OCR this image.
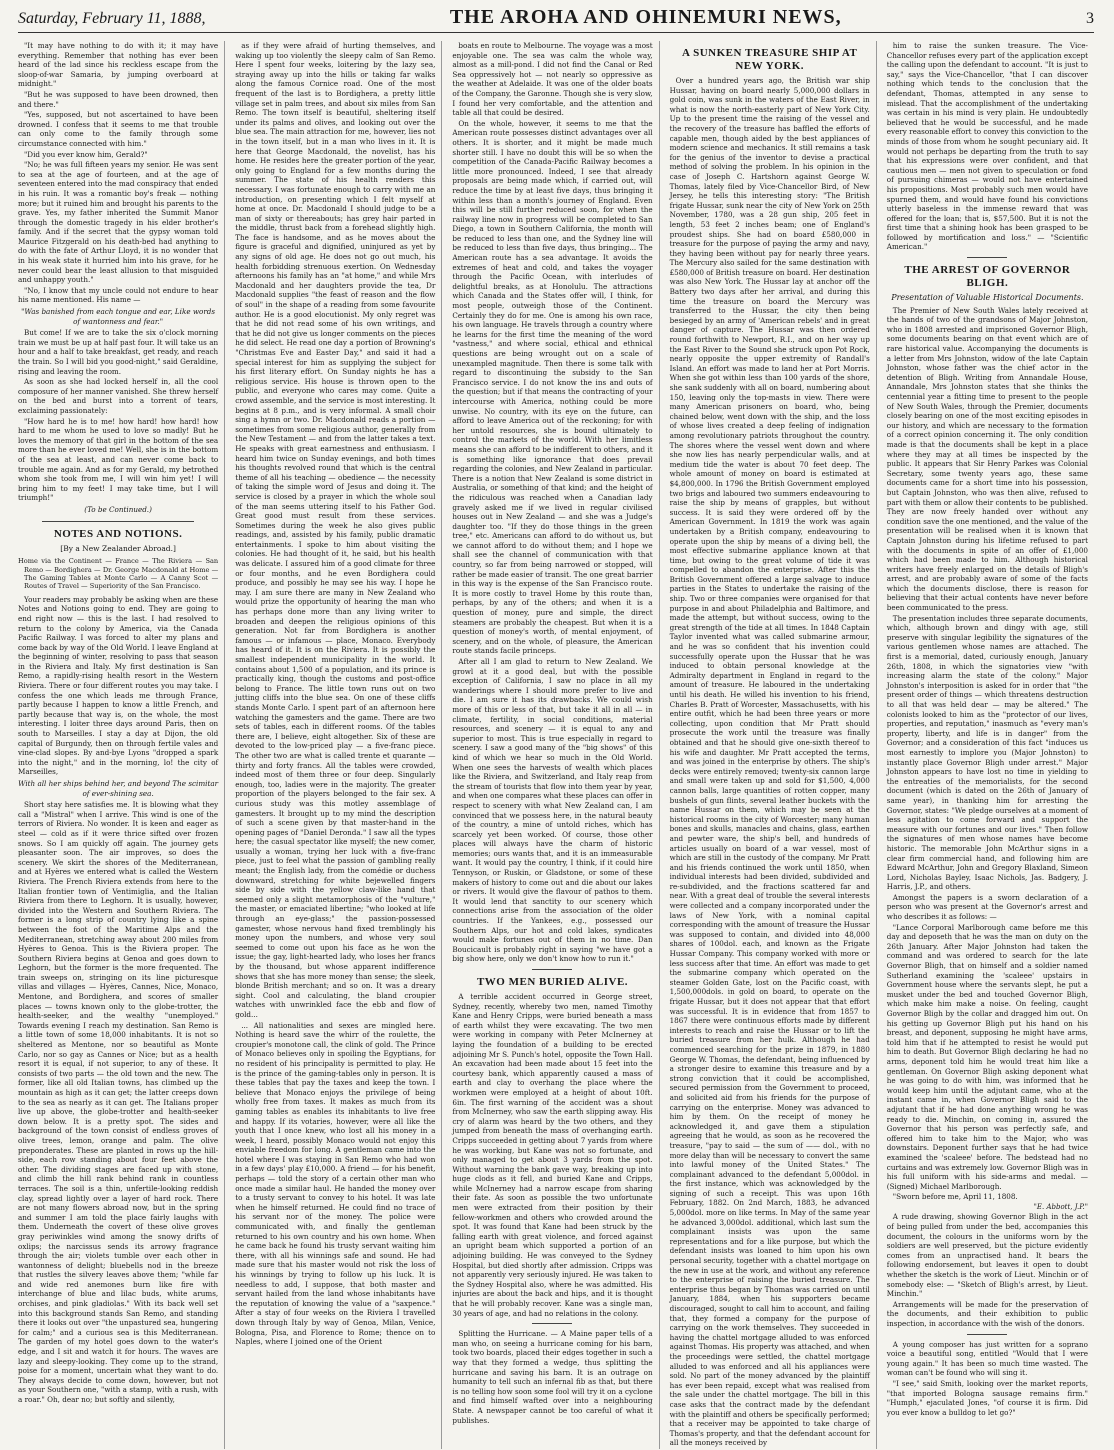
Saturday, February 11, 1888,	THE AROHA AND OHINEMURI NEWS,	3

"It may have nothing to do with it; it may have everything. Remember that nothing has ever been heard of the lad since his reckless escape from the sloop-of-war Samaria, by jumping overboard at midnight."

"But he was supposed to have been drowned, then and there."

"Yes, supposed, but not ascertained to have been drowned. I confess that it seems to me that trouble can only come to the family through some circumstance connected with him."

"Did you ever know him, Gerald?"

"No; he was full fifteen years my senior. He was sent to sea at the age of fourteen, and at the age of seventeen entered into the mad conspiracy that ended in his ruin. It was a romantic boy's freak — nothing more; but it ruined him and brought his parents to the grave. Yes, my father inherited the Summit Manor through the domestic tragedy in his elder brother's family. And if the secret that the gypsy woman told Maurice Fitzgerald on his death-bed had anything to do with the fate of Arthur Lloyd, it is no wonder that in his weak state it hurried him into his grave, for he never could bear the least allusion to that misguided and unhappy youth."

"No, I know that my uncle could not endure to hear his name mentioned. His name —

"Was banished from each tongue and ear, Like words of wantonness and fear."

But come! If we are to take the six o'clock morning train we must be up at half past four. It will take us an hour and a half to take breakfast, get ready, and reach the train. So I will bid you good-night," said Geraldine, rising and leaving the room.

As soon as she had locked herself in, all the cool composure of her manner vanished. She threw herself on the bed and burst into a torrent of tears, exclaiming passionately:

"How hard he is to me! how hard! how hard! how hard to me whom he used to love so madly! But he loves the memory of that girl in the bottom of the sea more than he ever loved me! Well, she is in the bottom of the sea at least, and can never come back to trouble me again. And as for my Gerald, my betrothed whom she took from me, I will win him yet! I will bring him to my feet! I may take time, but I will triumph!"

(To be Continued.)

NOTES AND NOTIONS.
[By a New Zealander Abroad.]
Home via the Continent — France — The Riviera — San Remo — Bordighera — Dr. George Macdonald at Home — The Gaming Tables at Monte Carlo — A Canny Scot — Routes of Travel — Superiority of the San Francisco.

Your readers may probably be asking when are these Notes and Notions going to end. They are going to end right now — this is the last. I had resolved to return to the colony by America, via the Canada Pacific Railway. I was forced to alter my plans and come back by way of the Old World. I leave England at the beginning of winter, resolving to pass that season in the Riviera and Italy. My first destination is San Remo, a rapidly-rising health resort in the Western Riviera. There or four different routes you may take. I confess the one which leads me through France, partly because I happen to know a little French, and partly because that way is, on the whole, the most interesting. I loiter three days around Paris, then on south to Marseilles. I stay a day at Dijon, the old capital of Burgundy, then on through fertile vales and vine-clad slopes. By and-bye Lyons "dropped a spark into the night," and in the morning, lo! the city of Marseilles,

With all her ships behind her, and beyond The scimitar of ever-shining sea.

Short stay here satisfies me. It is blowing what they call a "Mistral" when I arrive. This wind is one of the terrors of Riviera. No wonder. It is keen and eager as steel — cold as if it were thrice sifted over frozen snows. So I am quickly off again. The journey gets pleasanter soon. The air improves, so does the scenery. We skirt the shores of the Mediterranean, and at Hyères we entered what is called the Western Riviera. The French Riviera extends from here to the Italian frontier town of Ventimiglia, and the Italian Riviera from there to Leghorn. It is usually, however, divided into the Western and Southern Riviera. The former is a long strip of country lying like a spine between the foot of the Maritime Alps and the Mediterranean, stretching away about 200 miles from Hyères to Genoa. This is the Riviera proper. The Southern Riviera begins at Genoa and goes down to Leghorn, but the former is the more frequented. The train sweeps on, stringing on its line picturesque villas and villages — Hyères, Cannes, Nice, Monaco, Mentone, and Bordighera, and scores of smaller places — towns known only to the globe-trotter, the health-seeker, and the wealthy "unemployed." Towards evening I reach my destination. San Remo is a little town of some 18,000 inhabitants. It is not so sheltered as Mentone, nor so beautiful as Monte Carlo, nor so gay as Cannes or Nice; but as a health resort it is equal, if not superior, to any of these. It consists of two parts — the old town and the new. The former, like all old Italian towns, has climbed up the mountain as high as it can get; the latter creeps down to the sea as nearly as it can get. The Italians proper live up above, the globe-trotter and health-seeker down below. It is a pretty spot. The sides and background of the town consist of endless groves of olive trees, lemon, orange and palm. The olive preponderates. These are planted in rows up the hill-side, each row standing about four feet above the other. The dividing stages are faced up with stone, and climb the hill rank behind rank in countless terraces. The soil is a thin, unfertile-looking reddish clay, spread lightly over a layer of hard rock. There are not many flowers abroad now, but in the spring and summer I am told the place fairly laughs with them. Underneath the covert of these olive groves gray periwinkles wind among the snowy drifts of oxlips; the narcissus sends its arrowy fragrance through the air; violets tumble over each other in wantonness of delight; bluebells nod in the breeze that rustles the silvery leaves above them; "while far and wide red anemones burn like fire with interchange of blue and lilac buds, white arums, orchises, and pink gladiolas." With its back well set into this background stands San Remo, and standing there it looks out over "the unpastured sea, hungering for calm;" and a curious sea is this Mediterranean. The garden of my hotel goes down to the water's edge, and I sit and watch it for hours. The waves are lazy and sleepy-looking. They come up to the strand, poise for a moment, uncertain what they want to do. They always decide to come down, however, but not as your Southern one, "with a stamp, with a rush, with a roar." Oh, dear no; but softly and silently,

as if they were afraid of hurting themselves, and waking up too violently the sleepy calm of San Remo. Here I spent four weeks, loitering by the lazy sea, straying away up into the hills or taking far walks along the famous Cornice road. One of the most frequent of the last is to Bordighera, a pretty little village set in palm trees, and about six miles from San Remo. The town itself is beautiful, sheltering itself under its palms and olives, and looking out over the blue sea. The main attraction for me, however, lies not in the town itself, but in a man who lives in it. It is here that George Macdonald, the novelist, has his home. He resides here the greater portion of the year, only going to England for a few months during the summer. The state of his health renders this necessary. I was fortunate enough to carry with me an introduction, on presenting which I felt myself at home at once. Dr. Macdonald I should judge to be a man of sixty or thereabouts; has grey hair parted in the middle, thrust back from a forehead slightly high. The face is handsome, and as he moves about the figure is graceful and dignified, uninjured as yet by any signs of old age. He does not go out much, his health forbidding strenuous exertion. On Wednesday afternoons his family has an "at home," and while Mrs Macdonald and her daughters provide the tea, Dr Macdonald supplies "the feast of reason and the flow of soul" in the shape of a reading from some favourite author. He is a good elocutionist. My only regret was that he did not read some of his own writings, and that he did not give us longer comments on the pieces he did select. He read one day a portion of Browning's "Christmas Eve and Easter Day," and said it had a special interest for him as supplying the subject for his first literary effort. On Sunday nights he has a religious service. His house is thrown open to the public, and everyone who cares may come. Quite a crowd assemble, and the service is most interesting. It begins at 8 p.m., and is very informal. A small choir sing a hymn or two. Dr. Macdonald reads a portion — sometimes from some religious author, generally from the New Testament — and from the latter takes a text. He speaks with great earnestness and enthusiasm. I heard him twice on Sunday evenings, and both times his thoughts revolved round that which is the central theme of all his teaching — obedience — the necessity of taking the simple word of Jesus and doing it. The service is closed by a prayer in which the whole soul of the man seems uttering itself to his Father God. Great good must result from these services. Sometimes during the week he also gives public readings, and, assisted by his family, public dramatic entertainments. I spoke to him about visiting the colonies. He had thought of it, he said, but his health was delicate. I assured him of a good climate for three or four months, and he even Bordighera could produce, and possibly he may see his way. I hope he may. I am sure there are many in New Zealand who would prize the opportunity of hearing the man who has perhaps done more than any living writer to broaden and deepen the religious opinions of this generation. Not far from Bordighera is another famous — or infamous — place, Monaco. Everybody has heard of it. It is on the Riviera. It is possibly the smallest independent municipality in the world. It contains about 1,500 of a population, and its prince is practically king, though the customs and post-office belong to France. The little town runs out on two jutting cliffs into the blue sea. On one of these cliffs stands Monte Carlo. I spent part of an afternoon here watching the gamesters and the game. There are two sets of tables, each in different rooms. Of the tables there are, I believe, eight altogether. Six of these are devoted to the low-priced play — a five-franc piece. The other two are what is called trente et quarante — thirty and forty francs. All the tables were crowded, indeed most of them three or four deep. Singularly enough, too, ladies were in the majority. The greater proportion of the players belonged to the fair sex. A curious study was this motley assemblage of gamesters. It brought up to my mind the description of such a scene given by that master-hand in the opening pages of "Daniel Deronda." I saw all the types here; the casual spectator like myself; the new comer, usually a woman, trying her luck with a five-franc piece, just to feel what the passion of gambling really meant; the English lady, from the comédie or duchess downward, stretching for white bejewelled fingers side by side with the yellow claw-like hand that seemed only a slight metamorphosis of the "vulture," the master, or emaciated libertine; "who looked at life through an eye-glass;" the passion-possessed gamester, whose nervous hand fixed tremblingly his money upon the numbers, and whose very soul seemed to come out upon his face as he won the issue; the gay, light-hearted lady, who loses her francs by the thousand, but whose apparent indifference shows that she has more money than sense; the sleek, blonde British merchant; and so on. It was a dreary sight. Cool and calculating, the bland croupier watches with unwrinkled face the ebb and flow of gold...

... All nationalities and sexes are mingled here. Nothing is heard save the whirr of the roulette, the croupier's monotone call, the clink of gold. The Prince of Monaco believes only in spoiling the Egyptians, for no resident of his principality is permitted to play. He is the prince of the gaming-tables only in person. It is these tables that pay the taxes and keep the town. I believe that Monaco enjoys the privilege of being wholly free from taxes. It makes as much from its gaming tables as enables its inhabitants to live free and happy. If its votaries, however, were all like the youth that I once knew, who lost all his money in a week, I heard, possibly Monaco would not enjoy this enviable freedom for long. A gentleman came into the hotel where I was staying in San Remo who had won in a few days' play £10,000. A friend — for his benefit, perhaps — told the story of a certain other man who once made a similar haul. He handed the money over to a trusty servant to convey to his hotel. It was late when he himself returned. He could find no trace of his servant nor of the money. The police were communicated with, and finally the gentleman returned to his own country and his own home. When he came back he found his trusty servant waiting him there, with all his winnings safe and sound. He had made sure that his master would not risk the loss of his winnings by trying to follow up his luck. It is needless to add, I suppose, that both master and servant hailed from the land whose inhabitants have the reputation of knowing the value of a "saxpence." After a stay of four weeks on the Riviera I travelled down through Italy by way of Genoa, Milan, Venice, Bologna, Pisa, and Florence to Rome; thence on to Naples, where I joined one of the Orient

boats en route to Melbourne. The voyage was a most enjoyable one. The sea was calm the whole way, almost as a mill-pond. I did not find the Canal or Red Sea oppressively hot — not nearly so oppressive as the weather at Adelaide. It was one of the older boats of the Company, the Garonne. Though she is very slow, I found her very comfortable, and the attention and table all that could be desired.

On the whole, however, it seems to me that the American route possesses distinct advantages over all others. It is shorter, and it might be made much shorter still. I have no doubt this will be so when the competition of the Canada-Pacific Railway becomes a little more pronounced. Indeed, I see that already proposals are being made which, if carried out, will reduce the time by at least five days, thus bringing it within less than a month's journey of England. Even this will be still further reduced soon, for when the railway line now in progress will be completed to San Diego, a town in Southern California, the month will be reduced to less than one, and the Sydney line will be reduced to less than five days, thus bringing... The American route has a sea advantage. It avoids the extremes of heat and cold, and takes the voyager through the Pacific Ocean, with interludes of delightful breaks, as at Honolulu. The attractions which Canada and the States offer will, I think, for most people, outweigh those of the Continent. Certainly they do for me. One is among his own race, his own language. He travels through a country where he learns for the first time the meaning of the word "vastness," and where social, ethical and ethnical questions are being wrought out on a scale of unexampled magnitude. Then there is some talk with regard to discontinuing the subsidy to the San Francisco service. I do not know the ins and outs of the question; but if that means the contracting of your intercourse with America, nothing could be more unwise. No country, with its eye on the future, can afford to leave America out of the reckoning; for with her untold resources, she is bound ultimately to control the markets of the world. With her limitless means she can afford to be indifferent to others, and it is something like ignorance that does prevail regarding the colonies, and New Zealand in particular. There is a notion that New Zealand is some district in Australia, or something of that kind; and the height of the ridiculous was reached when a Canadian lady gravely asked me if we lived in regular civilised houses out in New Zealand — and she was a Judge's daughter too. "If they do those things in the green tree," etc. Americans can afford to do without us, but we cannot afford to do without them; and I hope we shall see the channel of communication with that country, so far from being narrowed or stopped, will rather be made easier of transit. The one great barrier in this way is the expense of the San Francisco route. It is more costly to travel Home by this route than, perhaps, by any of the others; and when it is a question of money, pure and simple, the direct steamers are probably the cheapest. But when it is a question of money's worth, of mental enjoyment, of scenery, and on the whole, of pleasure, the American route stands facile princeps.

After all I am glad to return to New Zealand. We growl at it a good deal, but with the possible exception of California, I saw no place in all my wanderings where I should more prefer to live and die. I am sure it has its drawbacks. We could wish more of this or less of that, but take it all in all — in climate, fertility, in social conditions, material resources, and scenery — it is equal to any and superior to most. This is true especially in regard to scenery. I saw a good many of the "big shows" of this kind of which we hear so much in the Old World. When one sees the harvests of wealth which places like the Riviera, and Switzerland, and Italy reap from the stream of tourists that flow into them year by year, and when one compares what these places can offer in respect to scenery with what New Zealand can, I am convinced that we possess here, in the natural beauty of the country, a mine of untold riches, which has scarcely yet been worked. Of course, those other places will always have the charm of historic memories; ours wants that, and it is an immeasurable want. It would pay the country, I think, if it could hire Tennyson, or Ruskin, or Gladstone, or some of these makers of history to come out and die about our lakes or rivers. It would give the flavour of pathos to them. It would lend that sanctity to our scenery which connections arise from the association of the older countries. If the Yankees, e.g., possessed our Southern Alps, our hot and cold lakes, syndicates would make fortunes out of them in no time. Dan Boucicault is probably right in saying "we have got a big show here, only we don't know how to run it."

TWO MEN BURIED ALIVE.

A terrible accident occurred in George street, Sydney, recently, whereby two men, named Timothy Kane and Henry Cripps, were buried beneath a mass of earth whilst they were excavating. The two men were working in company with Peter McInerney at laying the foundation of a building to be erected adjoining Mr S. Punch's hotel, opposite the Town Hall. An excavation had been made about 15 feet into the courtesy bank, which apparently caused a mass of earth and clay to overhang the place where the workmen were employed at a height of about 10ft. 6in. The first warning of the accident was a shout from McInerney, who saw the earth slipping away. His cry of alarm was heard by the two others, and they jumped from beneath the mass of overhanging earth. Cripps succeeded in getting about 7 yards from where he was working, but Kane was not so fortunate, and only managed to get about 3 yards from the spot. Without warning the bank gave way, breaking up into huge clods as it fell, and buried Kane and Cripps, while McInerney had a narrow escape from sharing their fate. As soon as possible the two unfortunate men were extracted from their position by their fellow-workmen and others who crowded around the spot. It was found that Kane had been struck by the falling earth with great violence, and forced against an upright beam which supported a portion of an adjoining building. He was conveyed to the Sydney Hospital, but died shortly after admission. Cripps was not apparently very seriously injured. He was taken to the Sydney Hospital also, where he was admitted. His injuries are about the back and hips, and it is thought that he will probably recover. Kane was a single man, 30 years of age, and had no relations in the colony.

Splitting the Hurricane. — A Maine paper tells of a man who, on seeing a hurricane coming for his barn, took two boards, placed their edges together in such a way that they formed a wedge, thus splitting the hurricane and saving his barn. It is an outrage on humanity to tell such an infernal fib as that, but there is no telling how soon some fool will try it on a cyclone and find himself wafted over into a neighbouring State. A newspaper cannot be too careful of what it publishes.

A SUNKEN TREASURE SHIP AT NEW YORK.

Over a hundred years ago, the British war ship Hussar, having on board nearly 5,000,000 dollars in gold coin, was sunk in the waters of the East River, in what is now the north-easterly part of New York City. Up to the present time the raising of the vessel and the recovery of the treasure has baffled the efforts of capable men, though aided by the best appliances of modern science and mechanics. It still remains a task for the genius of the inventor to devise a practical method of solving the problem. In his opinion in the case of Joseph C. Hartshorn against George W. Thomas, lately filed by Vice-Chancellor Bird, of New Jersey, he tells this interesting story: "The British frigate Hussar, sunk near the city of New York on 25th November, 1780, was a 28 gun ship, 205 feet in length, 53 feet 2 inches beam; one of England's proudest ships. She had on board £580,000 in treasure for the purpose of paying the army and navy, they having been without pay for nearly three years. The Mercury also sailed for the same destination with £580,000 of British treasure on board. Her destination was also New York. The Hussar lay at anchor off the Battery two days after her arrival, and during this time the treasure on board the Mercury was transferred to the Hussar, the city then being besieged by an army of 'American rebels' and in great danger of capture. The Hussar was then ordered round forthwith to Newport, R.I., and on her way up the East River to the Sound she struck upon Pot Rock, nearly opposite the upper extremity of Randall's Island. An effort was made to land her at Port Morris. When she got within less than 100 yards of the shore, she sank suddenly with all on board, numbering about 150, leaving only the top-masts in view. There were many American prisoners on board, who, being chained below, went down with the ship, and the loss of whose lives created a deep feeling of indignation among revolutionary patriots throughout the country. The shores where the vessel went down and where she now lies has nearly perpendicular walls, and at medium tide the water is about 70 feet deep. The whole amount of money on board is estimated at $4,800,000. In 1796 the British Government employed two brigs and laboured two summers endeavouring to raise the ship by means of grapples, but without success. It is said they were ordered off by the American Government. In 1819 the work was again undertaken by a British company, endeavouring to operate upon the ship by means of a diving bell, the most effective submarine appliance known at that time, but owing to the great volume of tide it was compelled to abandon the enterprise. After this the British Government offered a large salvage to induce parties in the States to undertake the raising of the ship. Two or three companies were organised for that purpose in and about Philadelphia and Baltimore, and made the attempt, but without success, owing to the great strength of the tide at all times. In 1848 Captain Taylor invented what was called submarine armour, and he was so confident that his invention could successfully operate upon the Hussar that he was induced to obtain personal knowledge at the Admiralty department in England in regard to the amount of treasure. He laboured in the undertaking until his death. He willed his invention to his friend, Charles B. Pratt of Worcester, Massachusetts, with his entire outfit, which he had been three years or more collecting, upon condition that Mr Pratt should prosecute the work until the treasure was finally obtained and that he should give one-sixth thereof to his wife and daughter. Mr Pratt accepted the terms, and was joined in the enterprise by others. The ship's decks were entirely removed; twenty-six cannon large and small were taken up and sold for $1,500, 4,000 cannon balls, large quantities of rotten copper, many bushels of gun flints, several leather buckets with the name Hussar on them, which may be seen at the historical rooms in the city of Worcester; many human bones and skulls, manacles and chains, glass, earthen and pewter ware, the ship's bell, and hundreds of articles usually on board of a war vessel, most of which are still in the custody of the company. Mr Pratt and his friends continued the work until 1850, when individual interests had been divided, subdivided and re-subdivided, and the fractions scattered far and near. With a great deal of trouble the several interests were collected and a company incorporated under the laws of New York, with a nominal capital corresponding with the amount of treasure the Hussar was supposed to contain, and divided into 48,000 shares of 100dol. each, and known as the Frigate Hussar Company. This company worked with more or less success after that time. An effort was made to get the submarine company which operated on the steamer Golden Gate, lost on the Pacific coast, with 1,500,000dols. in gold on board, to operate on the frigate Hussar, but it does not appear that that effort was successful. It is in evidence that from 1857 to 1867 there were continuous efforts made by different interests to reach and raise the Hussar or to lift the buried treasure from her hulk. Although he had commenced searching for the prize in 1879, in 1880 George W. Thomas, the defendant, being influenced by a stronger desire to examine this treasure and by a strong conviction that it could be accomplished, secured permission from the Government to proceed, and solicited aid from his friends for the purpose of carrying on the enterprise. Money was advanced to him by them. On the receipt of money he acknowledged it, and gave them a stipulation agreeing that he would, as soon as he recovered the treasure, "pay to said — the sum of —— dol., with no more delay than will be necessary to convert the same into lawful money of the United States." The complainant advanced to the defendant 5,000dol. in the first instance, which was acknowledged by the signing of such a receipt. This was upon 16th February, 1882. On 2nd March, 1883, he advanced 5,000dol. more on like terms. In May of the same year he advanced 3,000dol. additional, which last sum the complainant insists was upon the same representations and for a like purpose, but which the defendant insists was loaned to him upon his own personal security, together with a chattel mortgage on the new in use at the work, and without any reference to the enterprise of raising the buried treasure. The enterprise thus began by Thomas was carried on until January, 1884, when his supporters became discouraged, sought to call him to account, and failing that, they formed a company for the purpose of carrying on the work themselves. They succeeded in having the chattel mortgage alluded to was enforced against Thomas. His property was attached, and when the proceedings were settled, the chattel mortgage alluded to was enforced and all his appliances were sold. No part of the money advanced by the plaintiff has ever been repaid, except what was realised from the sale under the chattel mortgage. The bill in this case asks that the contract made by the defendant with the plaintiff and others be specifically performed; that a receiver may be appointed to take charge of Thomas's property, and that the defendant account for all the moneys received by

him to raise the sunken treasure. The Vice-Chancellor refuses every part of the application except the calling upon the defendant to account. "It is just to say," says the Vice-Chancellor, "that I can discover nothing which tends to the conclusion that the defendant, Thomas, attempted in any sense to mislead. That the accomplishment of the undertaking was certain in his mind is very plain. He undoubtedly believed that he would be successful, and he made every reasonable effort to convey this conviction to the minds of those from whom he sought pecuniary aid. It would not perhaps be departing from the truth to say that his expressions were over confident, and that cautious men — men not given to speculation or fond of pursuing chimeras — would not have entertained his propositions. Most probably such men would have spurned them, and would have found his convictions utterly baseless in the immense reward that was offered for the loan; that is, $57,500. But it is not the first time that a shining hook has been grasped to be followed by mortification and loss." — "Scientific American."

THE ARREST OF GOVERNOR BLIGH.
Presentation of Valuable Historical Documents.

The Premier of New South Wales lately received at the hands of two of the grandsons of Major Johnston, who in 1808 arrested and imprisoned Governor Bligh, some documents bearing on that event which are of rare historical value. Accompanying the documents is a letter from Mrs Johnston, widow of the late Captain Johnston, whose father was the chief actor in the detention of Bligh. Writing from Annandale House, Annandale, Mrs Johnston states that she thinks the centennial year a fitting time to present to the people of New South Wales, through the Premier, documents closely bearing on one of the most exciting episodes in our history, and which are necessary to the formation of a correct opinion concerning it. The only condition made is that the documents shall be kept in a place where they may at all times be inspected by the public. It appears that Sir Henry Parkes was Colonial Secretary, some twenty years ago, these same documents came for a short time into his possession, but Captain Johnston, who was then alive, refused to part with them or allow their contents to be published. They are now freely handed over without any condition save the one mentioned, and the value of the presentation will be realised when it is known that Captain Johnston during his lifetime refused to part with the documents in spite of an offer of £1,000 which had been made to him. Although historical writers have freely enlarged on the details of Bligh's arrest, and are probably aware of some of the facts which the documents disclose, there is reason for believing that their actual contents have never before been communicated to the press.

The presentation includes three separate documents, which, although brown and dingy with age, still preserve with singular legibility the signatures of the various gentlemen whose names are attached. The first is a memorial, dated, curiously enough, January 26th, 1808, in which the signatories view "with increasing alarm the state of the colony." Major Johnston's interposition is asked for in order that "the present order of things — which threatens destruction to all that was held dear — may be altered." The colonists looked to him as the "protector of our lives, properties, and reputation," inasmuch as "every man's property, liberty, and life is in danger" from the Governor; and a consideration of this fact "induces us most earnestly to implore you (Major Johnston) to instantly place Governor Bligh under arrest." Major Johnston appears to have lost no time in yielding to the entreaties of the memorialists, for the second document (which is dated on the 26th of January of same year), in thanking him for arresting the Governor, states: "We pledge ourselves at a moment of less agitation to come forward and support the measure with our fortunes and our lives." Then follow the signatures of men whose names have become historic. The memorable John McArthur signs in a clear firm commercial hand, and following him are Edward McArthur, John and Gregory Blaxland, Simeon Lord, Nicholas Bayley, Isaac Nichols, Jas. Badgery, J. Harris, J.P., and others.

Amongst the papers is a sworn declaration of a person who was present at the Governor's arrest and who describes it as follows: —

"Lance Corporal Marlborough came before me this day and deposeth that he was the man on duty on the 26th January. After Major Johnston had taken the command and was ordered to search for the late Governor Bligh, that on himself and a soldier named Sutherland examining the 'scaleee' upstairs in Government house where the servants slept, he put a musket under the bed and touched Governor Bligh, which make him make a noise. On feeling, caught Governor Bligh by the collar and dragged him out. On his getting up Governor Bligh put his hand on his breast, and deponent, supposing he might have arms, told him that if he attempted to resist he would put him to death. But Governor Bligh declaring he had no arms, deponent told him he would treat him like a gentleman. On Governor Bligh asking deponent what he was going to do with him, was informed that he would keep him until the adjutant came, who at the instant came in, when Governor Bligh said to the adjutant that if he had done anything wrong he was ready to die. Minchin, on coming in, assured the Governor that his person was perfectly safe, and offered him to take him to the Major, who was downstairs. Deponent further says that he had twice examined the 'scaleee' before. The bedstead had no curtains and was extremely low. Governor Bligh was in his full uniform with his side-arms and medal. — (Signed) Michael Marlborough.

"Sworn before me, April 11, 1808.

"E. Abbott, J.P."

A rude drawing, showing Governor Bligh in the act of being pulled from under the bed, accompanies this document, the colours in the uniforms worn by the soldiers are well preserved, but the picture evidently comes from an unpractised hand. It bears the following endorsement, but leaves it open to doubt whether the sketch is the work of Lieut. Minchin or of somebody else: — "Sketch of Bligh's arrest, by Lieut. Minchin."

Arrangements will be made for the preservation of the documents, and their exhibition to public inspection, in accordance with the wish of the donors.

A young composer has just written for a soprano voice a beautiful song, entitled "Would that I were young again." It has been so much time wasted. The woman can't be found who will sing it.

"I see," said Smith, looking over the market reports, "that imported Bologna sausage remains firm." "Humph," ejaculated Jones, "of course it is firm. Did you ever know a bulldog to let go?"
